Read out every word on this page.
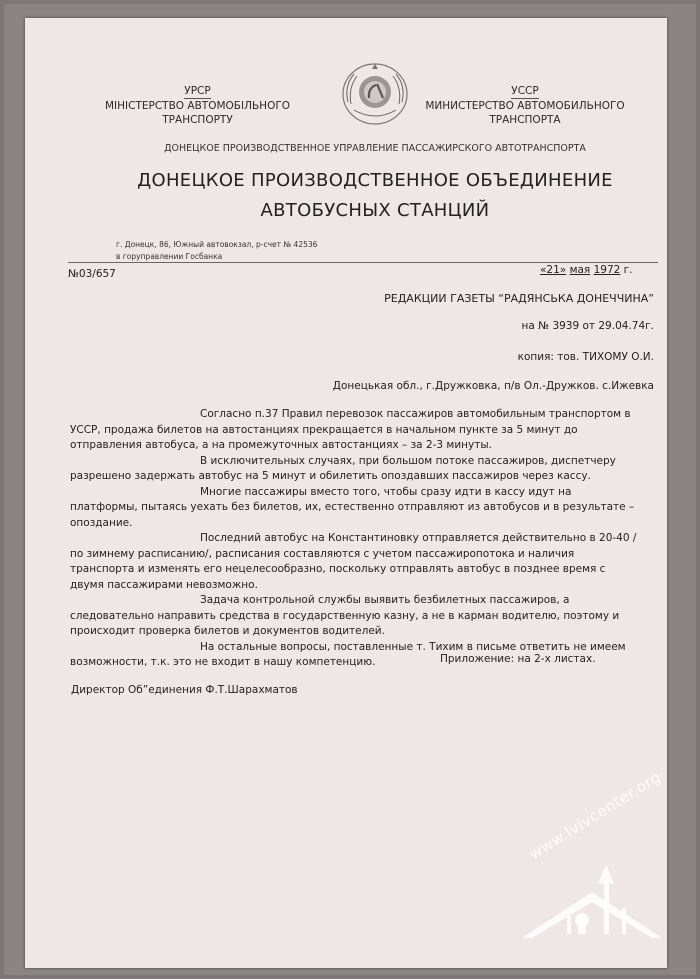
УРСР
МІНІСТЕРСТВО АВТОМОБІЛЬНОГО
ТРАНСПОРТУ
УССР
МИНИСТЕРСТВО АВТОМОБИЛЬНОГО
ТРАНСПОРТА
ДОНЕЦКОЕ ПРОИЗВОДСТВЕННОЕ УПРАВЛЕНИЕ ПАССАЖИРСКОГО АВТОТРАНСПОРТА
ДОНЕЦКОЕ ПРОИЗВОДСТВЕННОЕ ОБЪЕДИНЕНИЕ
АВТОБУСНЫХ СТАНЦИЙ
г. Донецк, 86, Южный автовокзал, р-счет № 42536
в горуправлении Госбанка
№03/657	«21» мая 1972 г.
РЕДАКЦИИ ГАЗЕТЫ “РАДЯНСЬКА ДОНЕЧЧИНА”
на № 3939 от 29.04.74г.
копия: тов. ТИХОМУ О.И.
Донецькая обл., г.Дружковка, п/в Ол.-Дружков. с.Ижевка

Согласно п.37 Правил перевозок пассажиров автомобильным транспортом в УССР, продажа билетов на автостанциях прекращается в начальном пункте за 5 минут до отправления автобуса, а на промежуточных автостанциях – за 2-3 минуты.

В исключительных случаях, при большом потоке пассажиров, диспетчеру разрешено задержать автобус на 5 минут и обилетить опоздавших пассажиров через кассу.

Многие пассажиры вместо того, чтобы сразу идти в кассу идут на платформы, пытаясь уехать без билетов, их, естественно отправляют из автобусов и в результате – опоздание.

Последний автобус на Константиновку отправляется действительно в 20-40 /по зимнему расписанию/, расписания составляются с учетом пассажиропотока и наличия транспорта и изменять его нецелесообразно, поскольку отправлять автобус в позднее время с двумя пассажирами невозможно.

Задача контрольной службы выявить безбилетных пассажиров, а следовательно направить средства в государственную казну, а не в карман водителю, поэтому и происходит проверка билетов и документов водителей.

На остальные вопросы, поставленные т. Тихим в письме ответить не имеем возможности, т.к. это не входит в нашу компетенцию.	Приложение: на 2-х листах.
Директор Об”единения Ф.Т.Шарахматов
www.lvivcenter.org
